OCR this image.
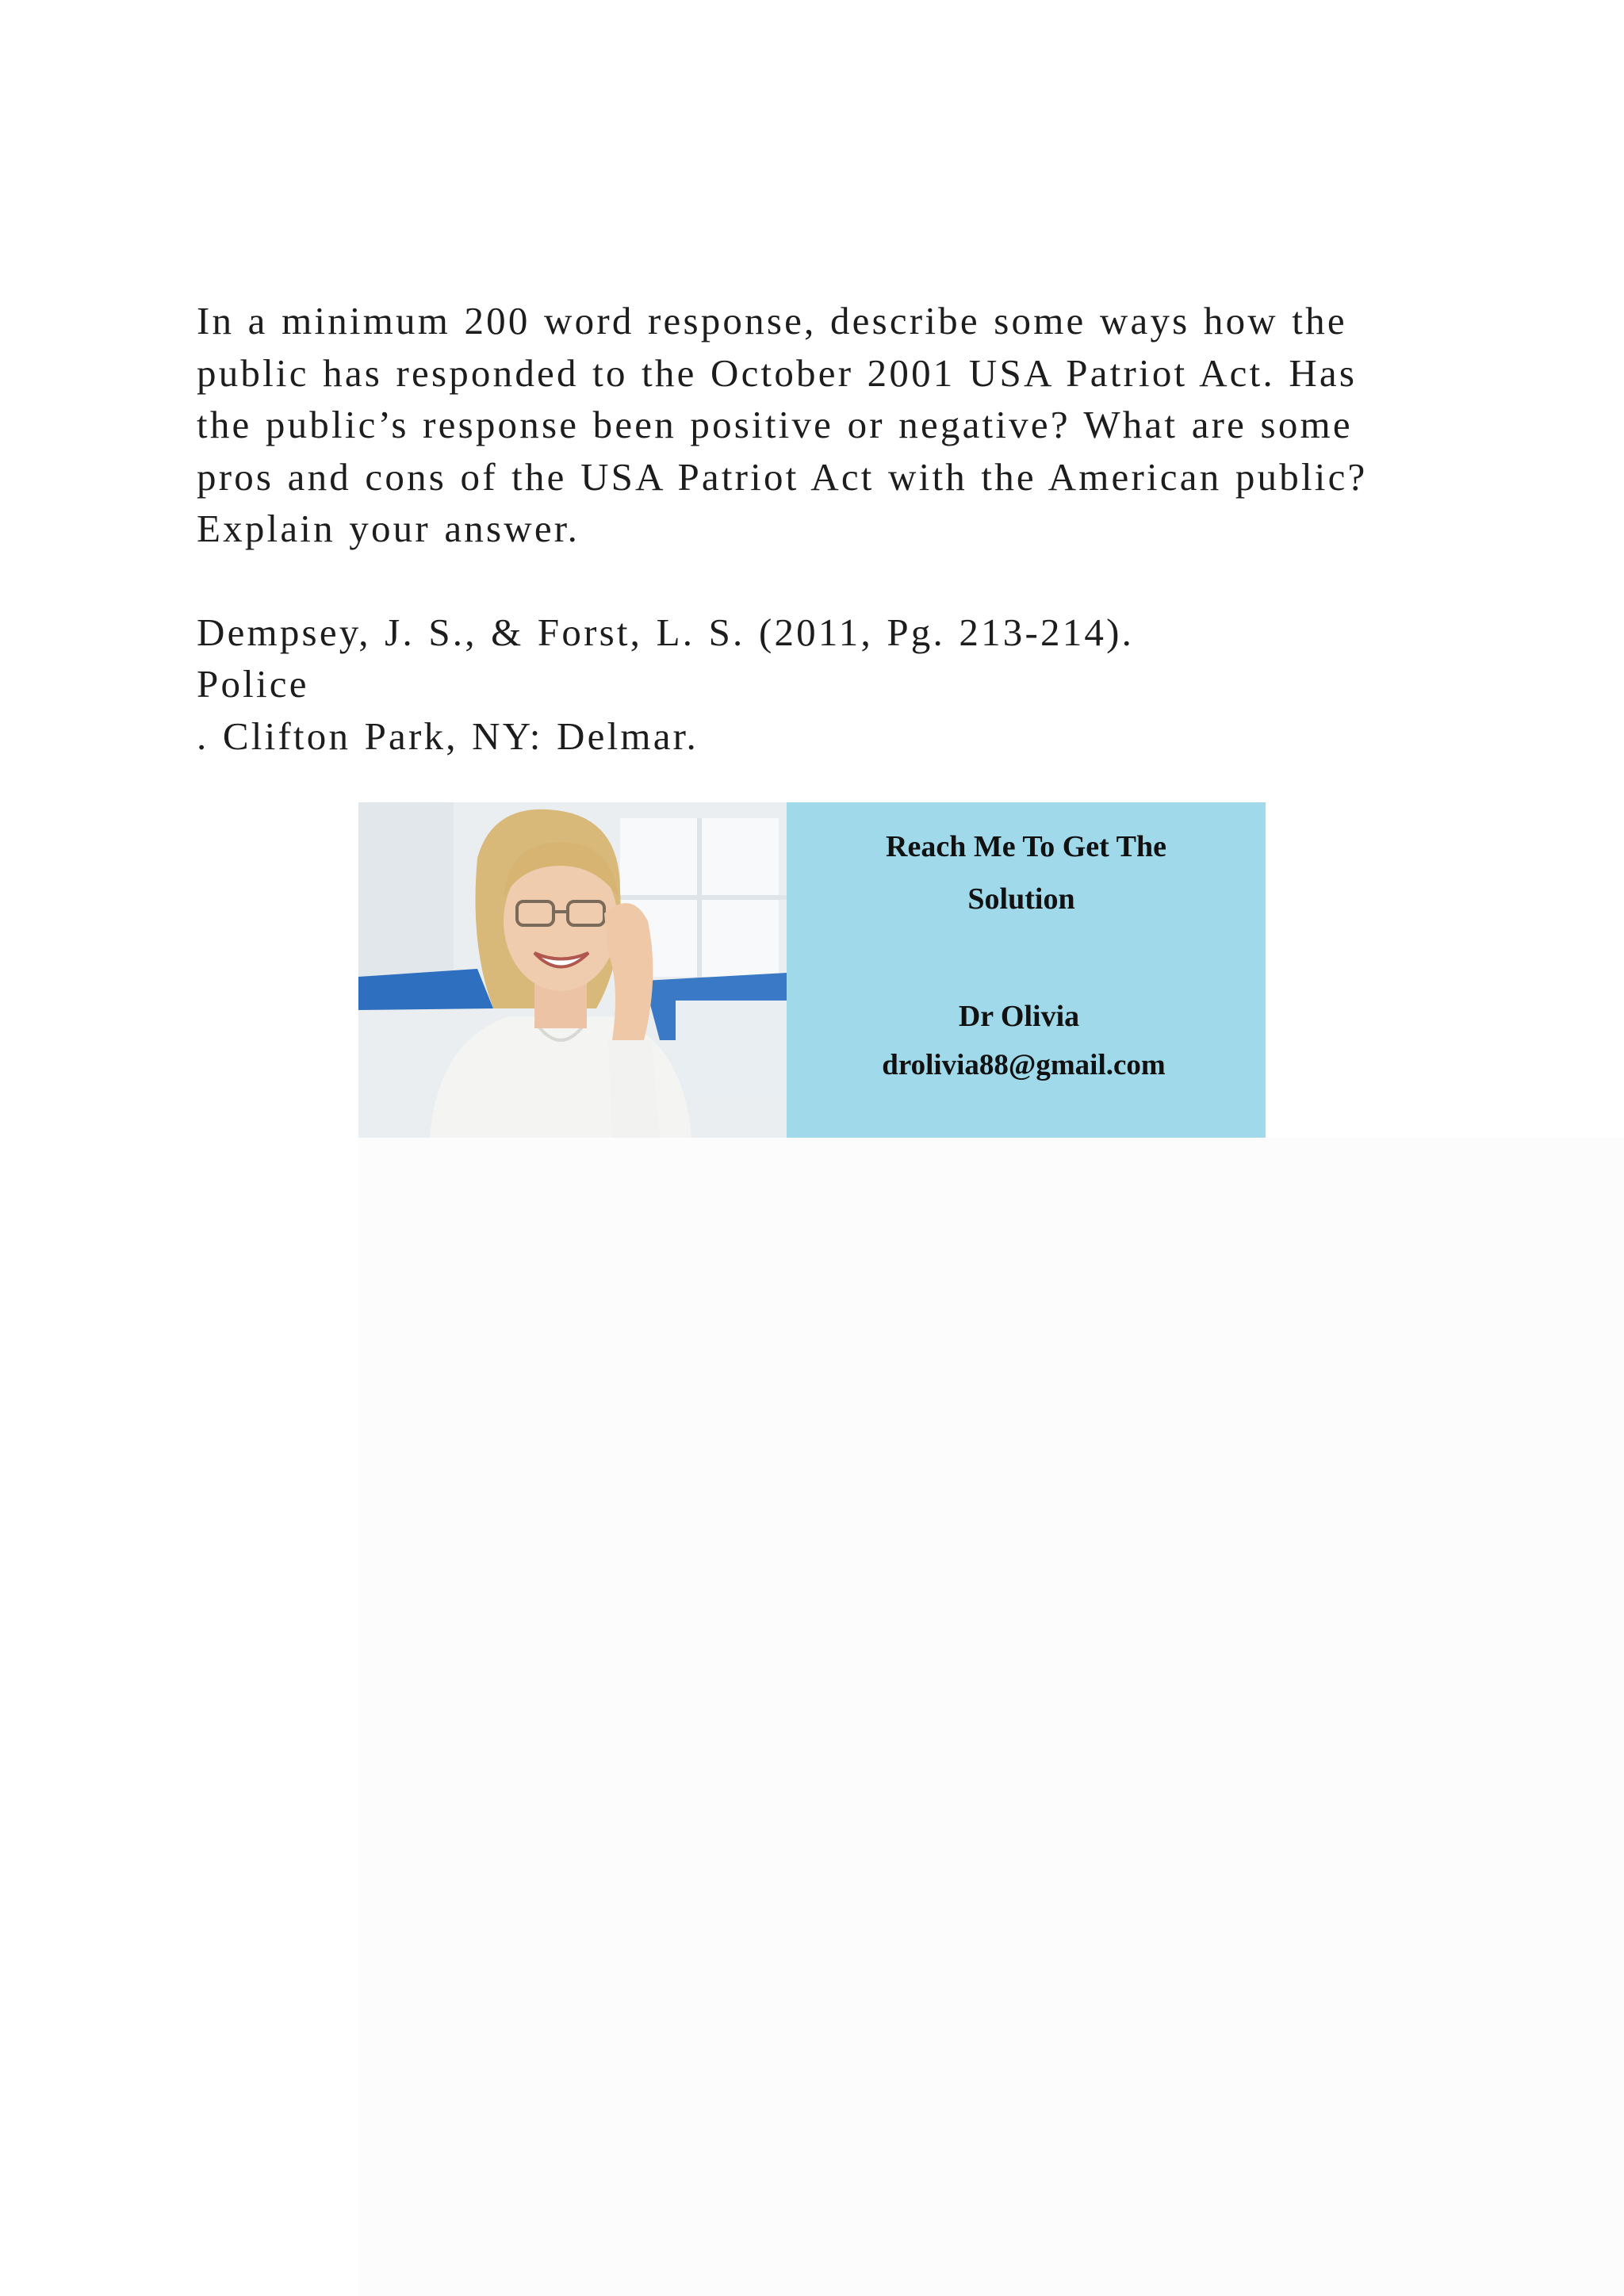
In a minimum 200 word response, describe some ways how the
public has responded to the October 2001 USA Patriot Act. Has
the public’s response been positive or negative? What are some
pros and cons of the USA Patriot Act with the American public?
Explain your answer.
Dempsey, J. S., & Forst, L. S. (2011, Pg. 213-214).
Police
. Clifton Park, NY: Delmar.
Reach Me To Get The
Solution
Dr Olivia
drolivia88@gmail.com
